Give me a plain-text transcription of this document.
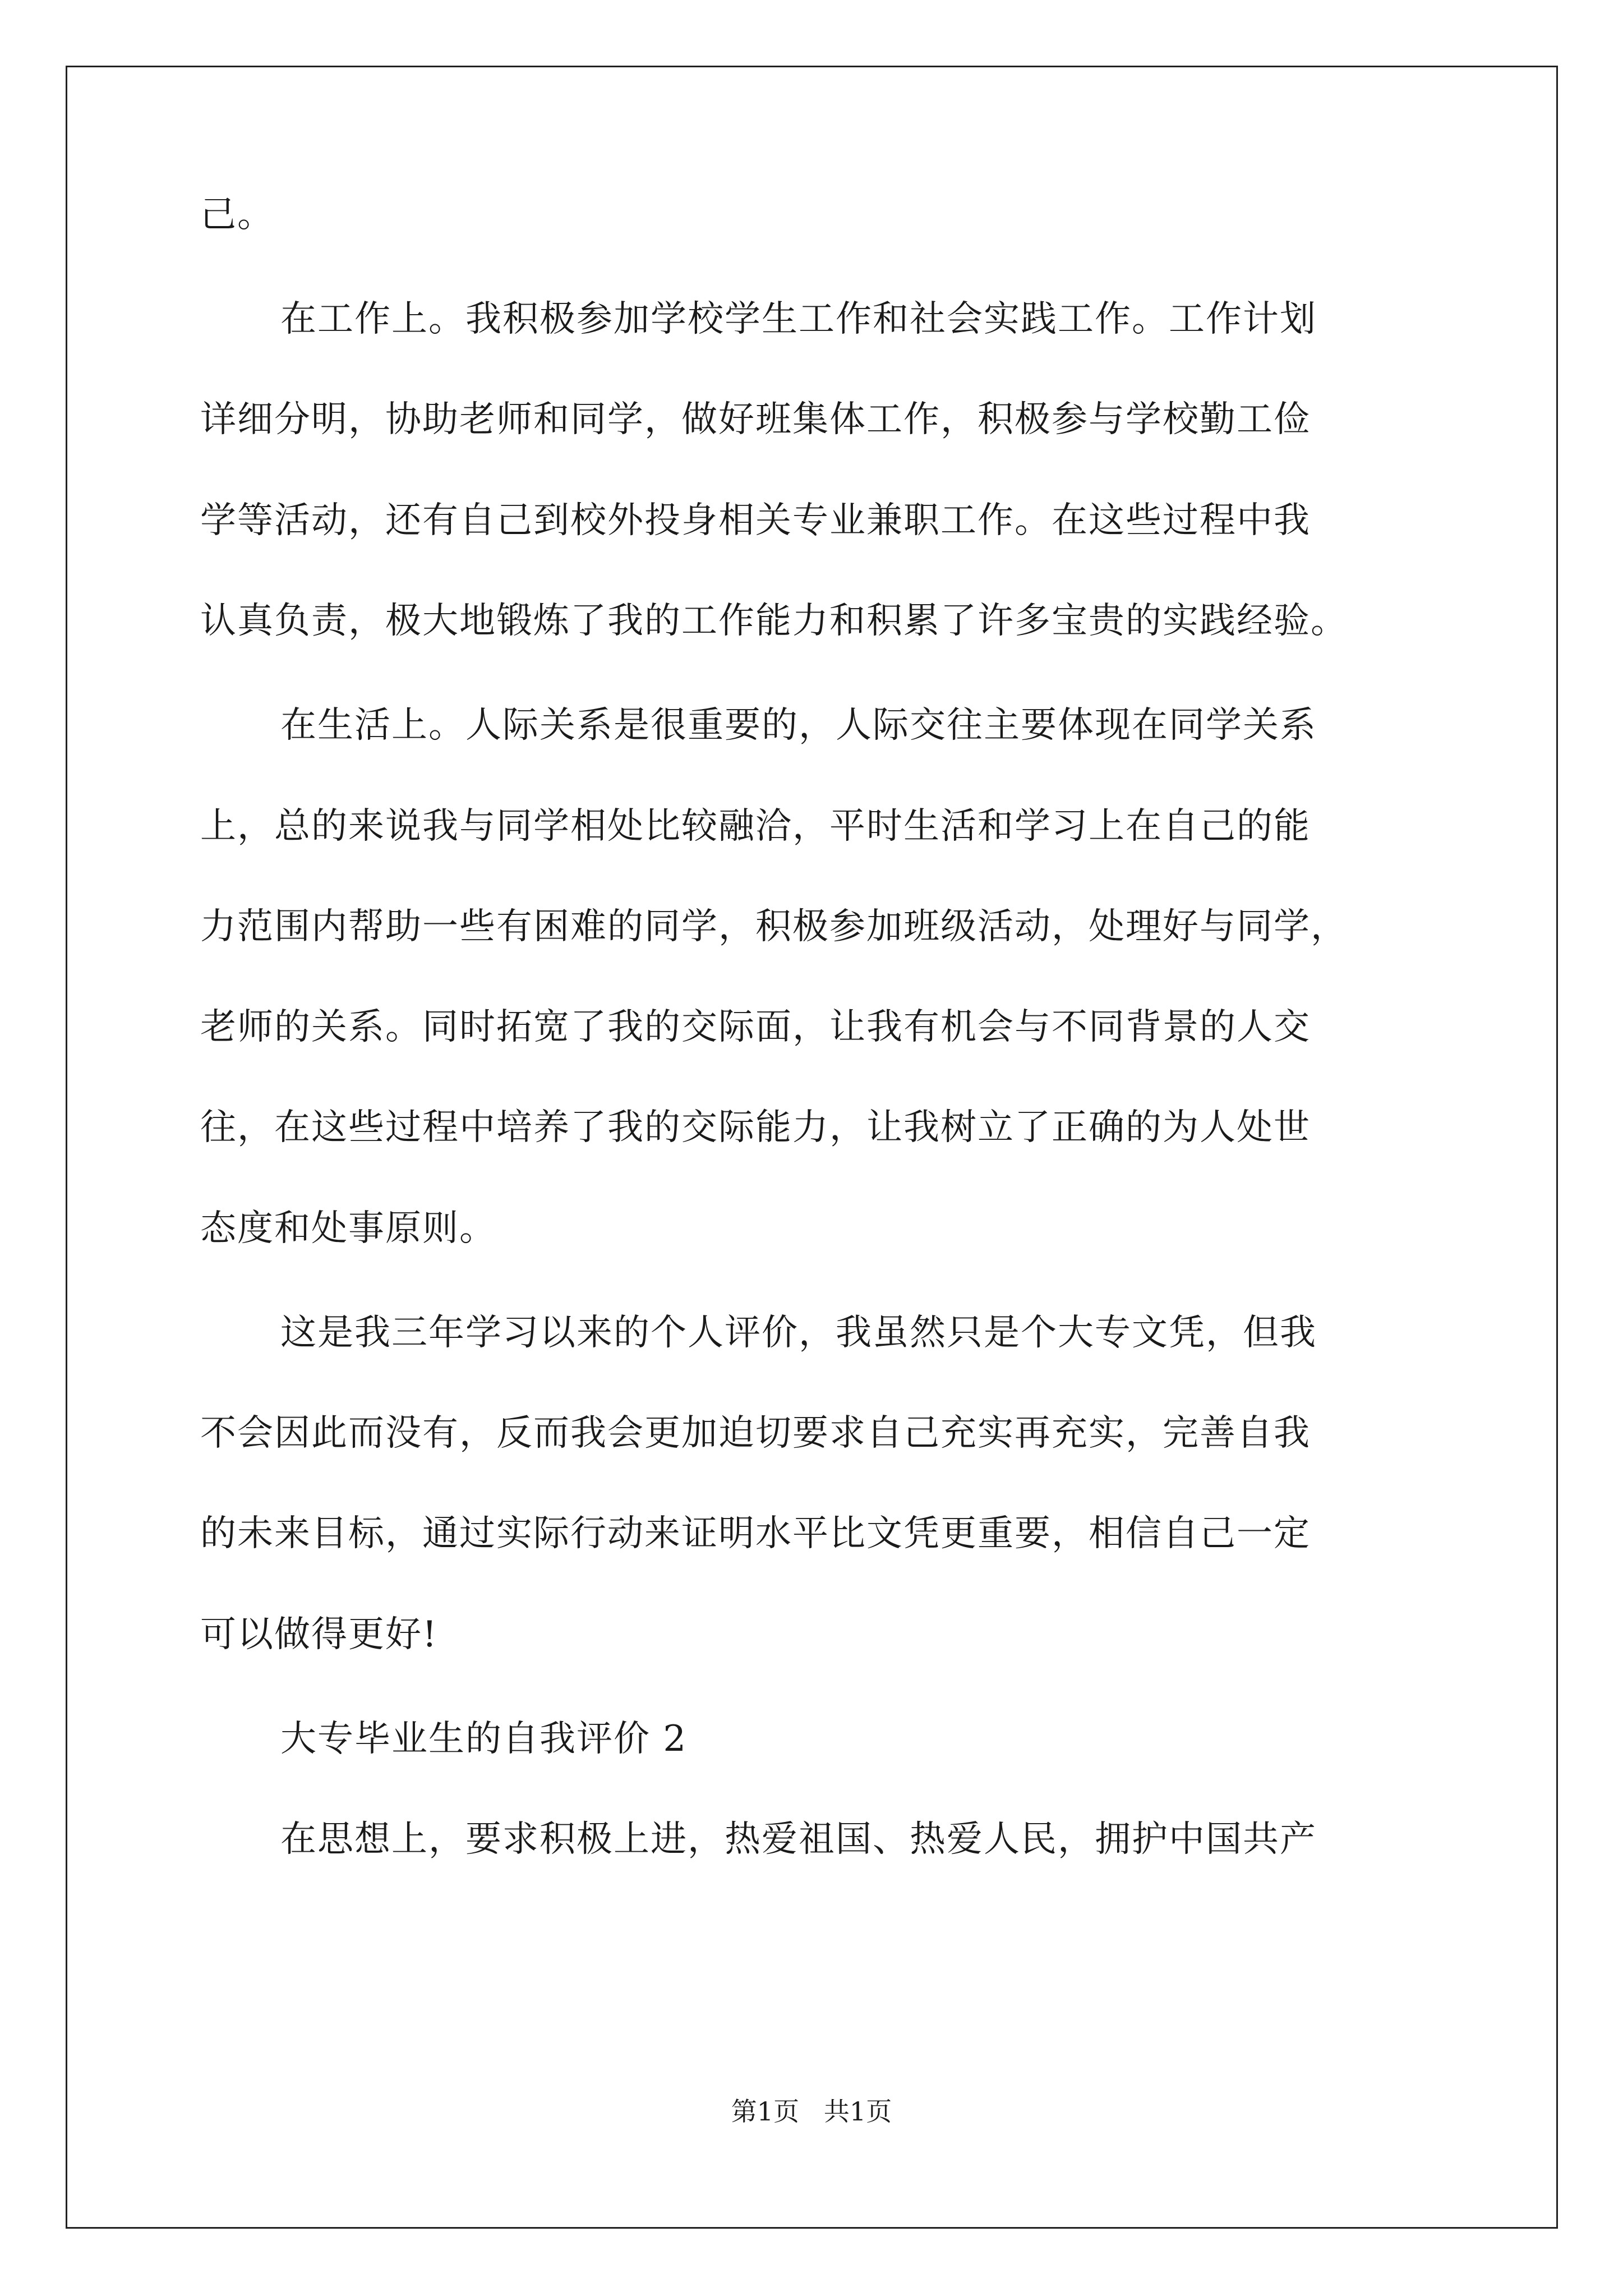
己。

在工作上。我积极参加学校学生工作和社会实践工作。工作计划

详细分明，协助老师和同学，做好班集体工作，积极参与学校勤工俭

学等活动，还有自己到校外投身相关专业兼职工作。在这些过程中我

认真负责，极大地锻炼了我的工作能力和积累了许多宝贵的实践经验。

在生活上。人际关系是很重要的，人际交往主要体现在同学关系

上，总的来说我与同学相处比较融洽，平时生活和学习上在自己的能

力范围内帮助一些有困难的同学，积极参加班级活动，处理好与同学，

老师的关系。同时拓宽了我的交际面，让我有机会与不同背景的人交

往，在这些过程中培养了我的交际能力，让我树立了正确的为人处世

态度和处事原则。

这是我三年学习以来的个人评价，我虽然只是个大专文凭，但我

不会因此而没有，反而我会更加迫切要求自己充实再充实，完善自我

的未来目标，通过实际行动来证明水平比文凭更重要，相信自己一定

可以做得更好!

大专毕业生的自我评价 2

在思想上，要求积极上进，热爱祖国、热爱人民，拥护中国共产

第1页   共1页
